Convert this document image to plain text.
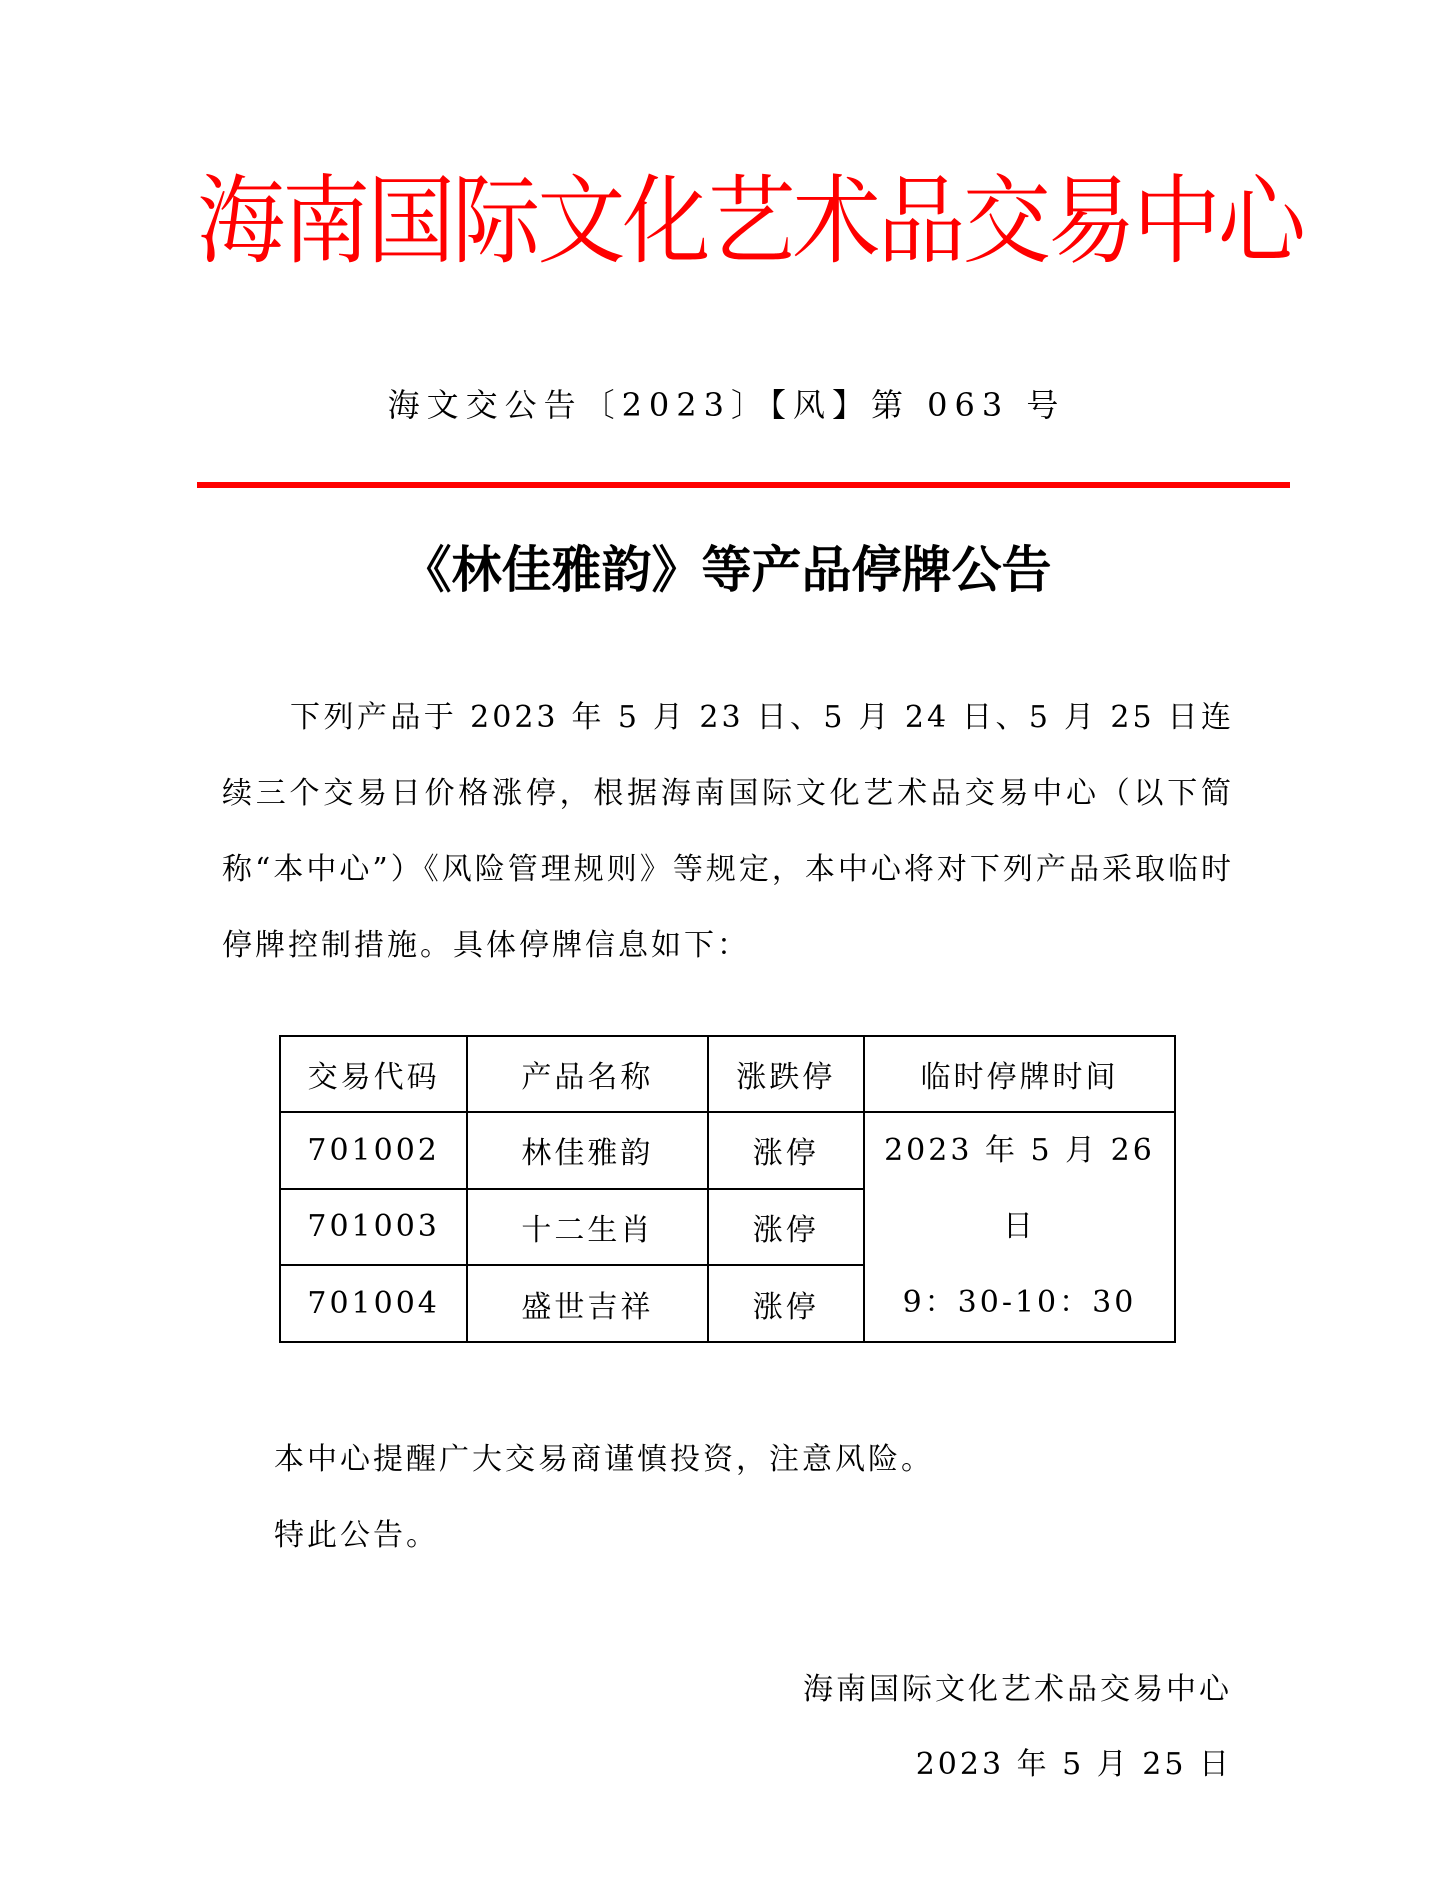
海
南
国
际
文
化
艺
术
品
交
易
中
心
海文交公告〔2023〕【风】第 063 号
《林佳雅韵》等产品停牌公告
下列产品于 2023 年 5 月 23 日、5 月 24 日、5 月 25 日连续三个交易日价格涨停，根据海南国际文化艺术品交易中心（以下简称“本中心”）《风险管理规则》等规定，本中心将对下列产品采取临时停牌控制措施。具体停牌信息如下：
交易代码	产品名称	涨跌停	临时停牌时间
701002	林佳雅韵	涨停	2023 年 5 月 26 日
9：30-10：30

701003	十二生肖	涨停	
701004	盛世吉祥	涨停	
本中心提醒广大交易商谨慎投资，注意风险。
特此公告。
海南国际文化艺术品交易中心
2023 年 5 月 25 日
